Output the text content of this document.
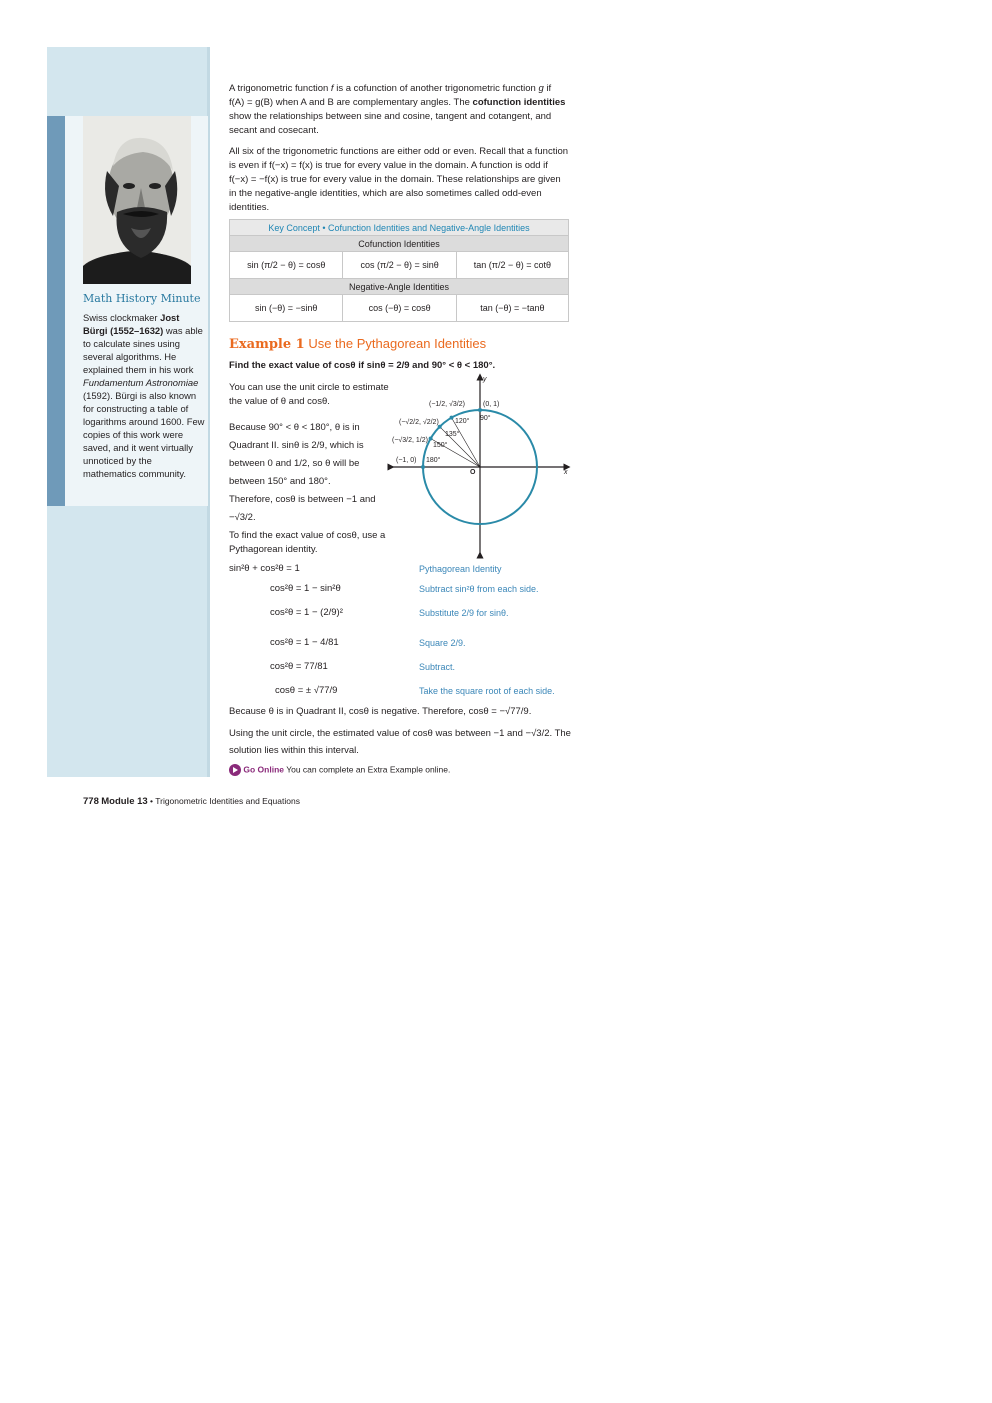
Math History Minute
Swiss clockmaker Jost Bürgi (1552–1632) was able to calculate sines using several algorithms. He explained them in his work Fundamentum Astronomiae (1592). Bürgi is also known for constructing a table of logarithms around 1600. Few copies of this work were saved, and it went virtually unnoticed by the mathematics community.
A trigonometric function f is a cofunction of another trigonometric function g if f(A) = g(B) when A and B are complementary angles. The cofunction identities show the relationships between sine and cosine, tangent and cotangent, and secant and cosecant.
All six of the trigonometric functions are either odd or even. Recall that a function is even if f(−x) = f(x) is true for every value in the domain. A function is odd if f(−x) = −f(x) is true for every value in the domain. These relationships are given in the negative-angle identities, which are also sometimes called odd-even identities.
Key Concept • Cofunction Identities and Negative-Angle Identities		
Cofunction Identities		
sin (π/2 − θ) = cosθ	cos (π/2 − θ) = sinθ	tan (π/2 − θ) = cotθ
Negative-Angle Identities		
sin (−θ) = −sinθ	cos (−θ) = cosθ	tan (−θ) = −tanθ
Example 1 Use the Pythagorean Identities
Find the exact value of cosθ if sinθ = 2/9 and 90° < θ < 180°.
You can use the unit circle to estimate the value of θ and cosθ.
Because 90° < θ < 180°, θ is in Quadrant II. sinθ is 2/9, which is between 0 and 1/2, so θ will be between 150° and 180°.
Therefore, cosθ is between −1 and −√3/2.
To find the exact value of cosθ, use a Pythagorean identity.
(0, 1)
90°
(−1/2, √3/2)
120°
(−√2/2, √2/2)
135°
(−√3/2, 1/2)
150°
(−1, 0) 180°
O	x
y
sin²θ + cos²θ = 1	Pythagorean Identity
cos²θ = 1 − sin²θ	Subtract sin²θ from each side.
cos²θ = 1 − (2/9)²	Substitute 2/9 for sinθ.
cos²θ = 1 − 4/81	Square 2/9.
cos²θ = 77/81	Subtract.
cosθ = ± √77/9	Take the square root of each side.
Because θ is in Quadrant II, cosθ is negative. Therefore, cosθ = −√77/9.
Using the unit circle, the estimated value of cosθ was between −1 and −√3/2. The solution lies within this interval.
Go Online You can complete an Extra Example online.
778 Module 13 • Trigonometric Identities and Equations
